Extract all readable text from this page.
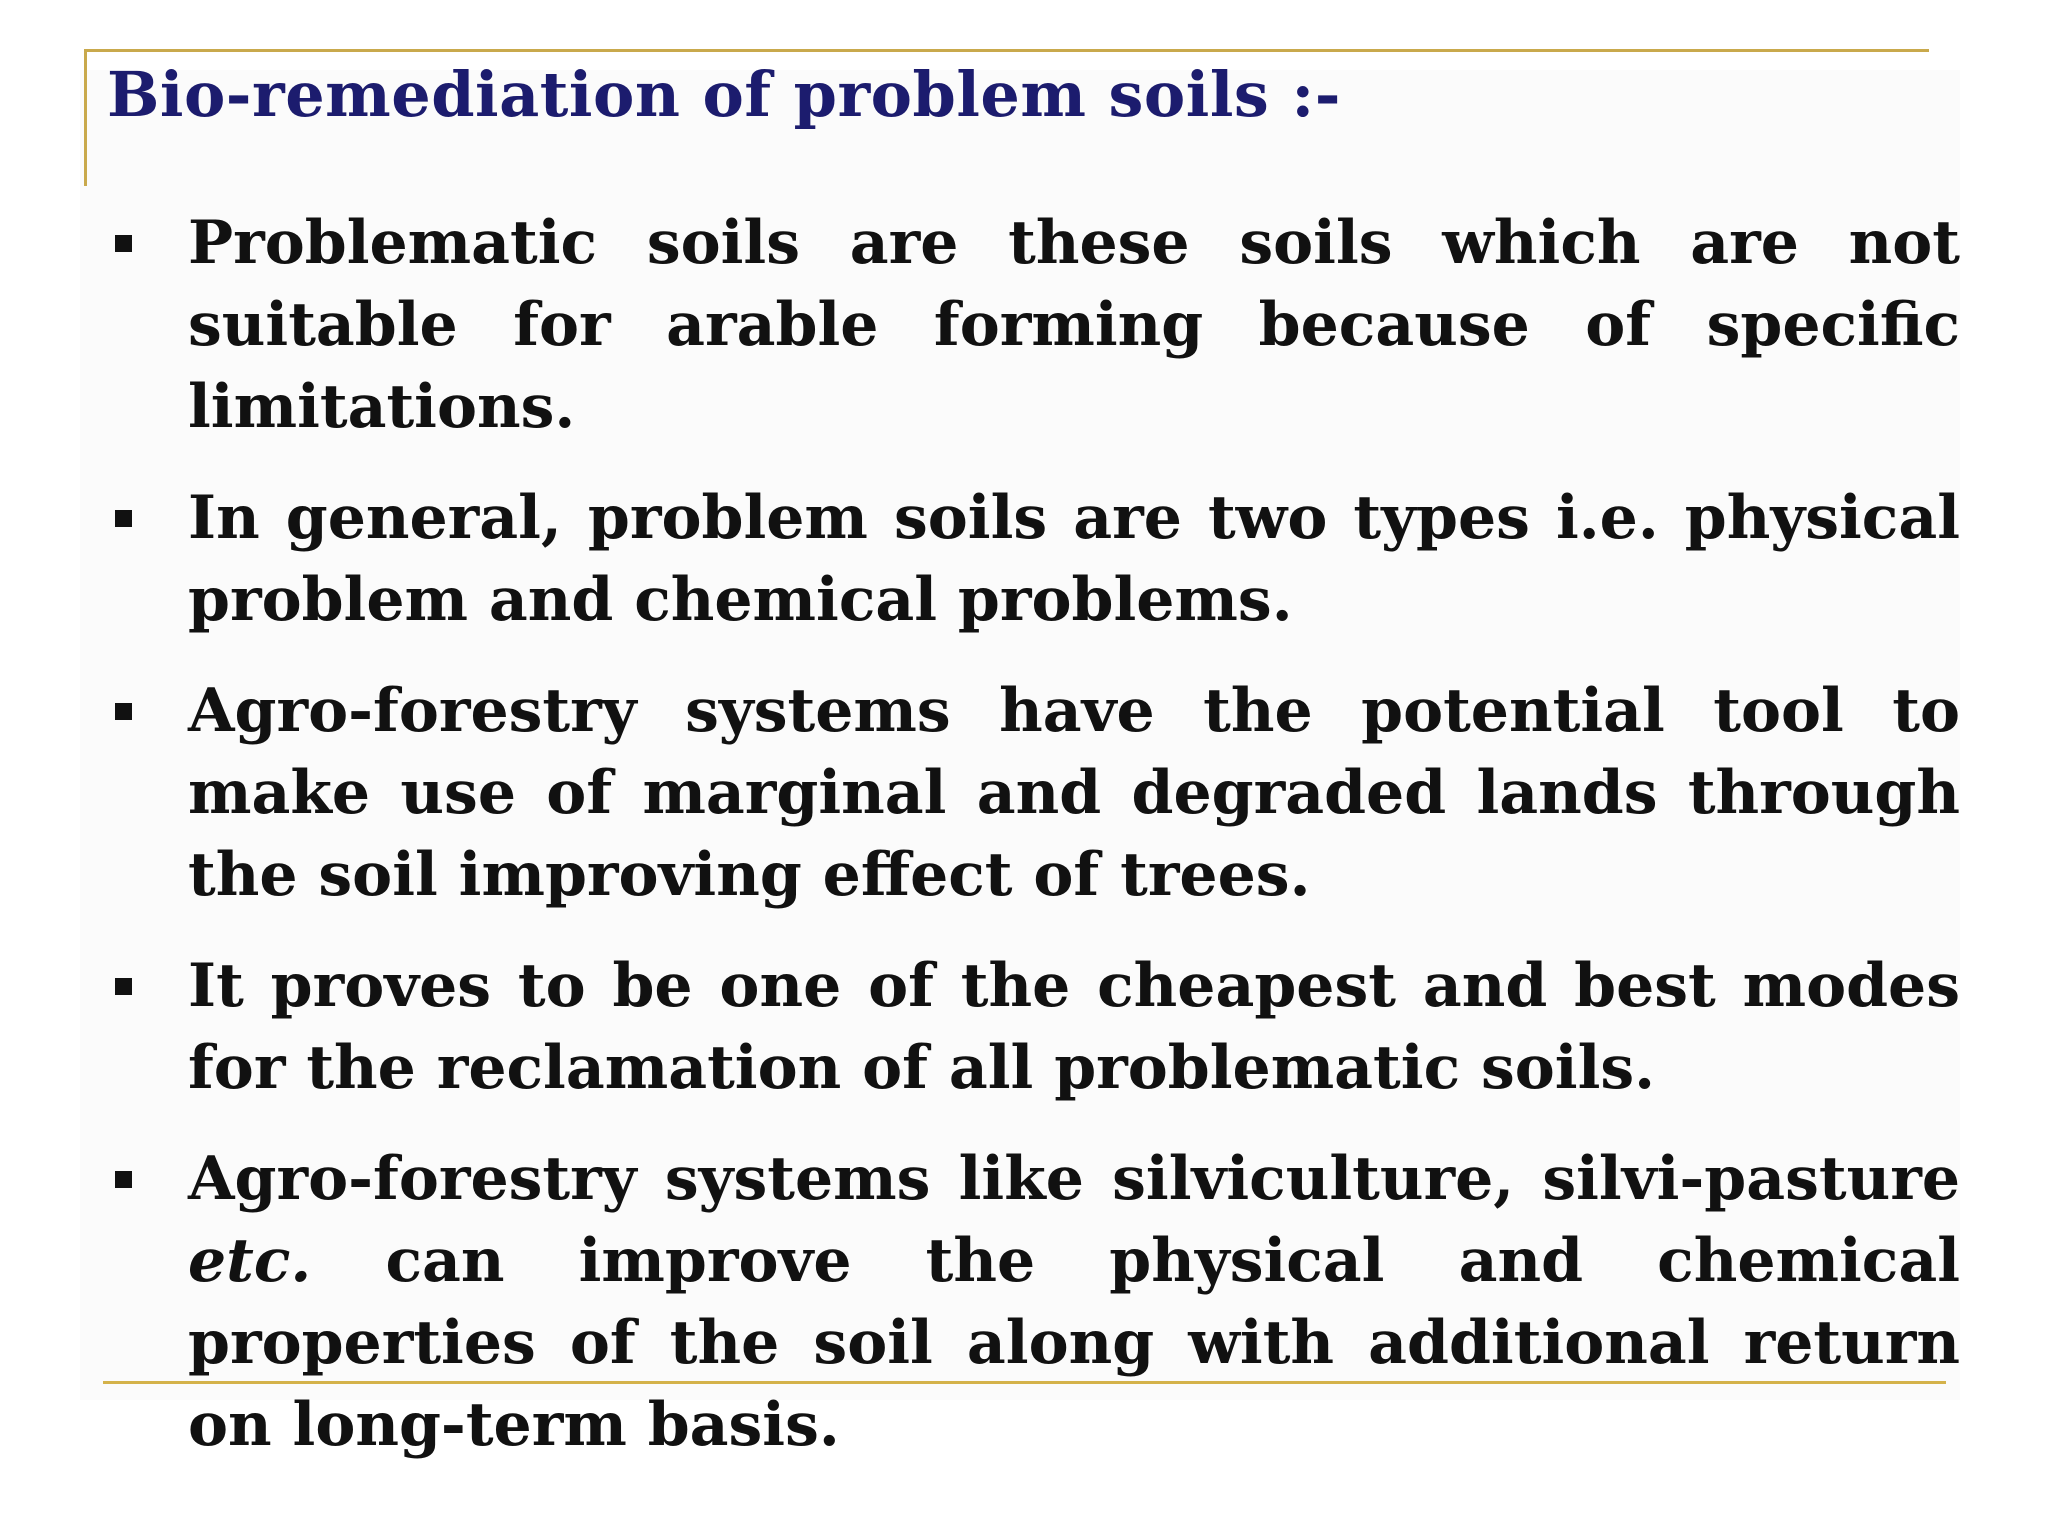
Bio-remediation of problem soils :-
Problematic soils are these soils which are not suitable for arable forming because of specific limitations.
In general, problem soils are two types i.e. physical problem and chemical problems.
Agro-forestry systems have the potential tool to make use of marginal and degraded lands through the soil improving effect of trees.
It proves to be one of the cheapest and best modes for the reclamation of all problematic soils.
Agro-forestry systems like silviculture, silvi-pasture etc. can improve the physical and chemical properties of the soil along with additional return on long-term basis.
